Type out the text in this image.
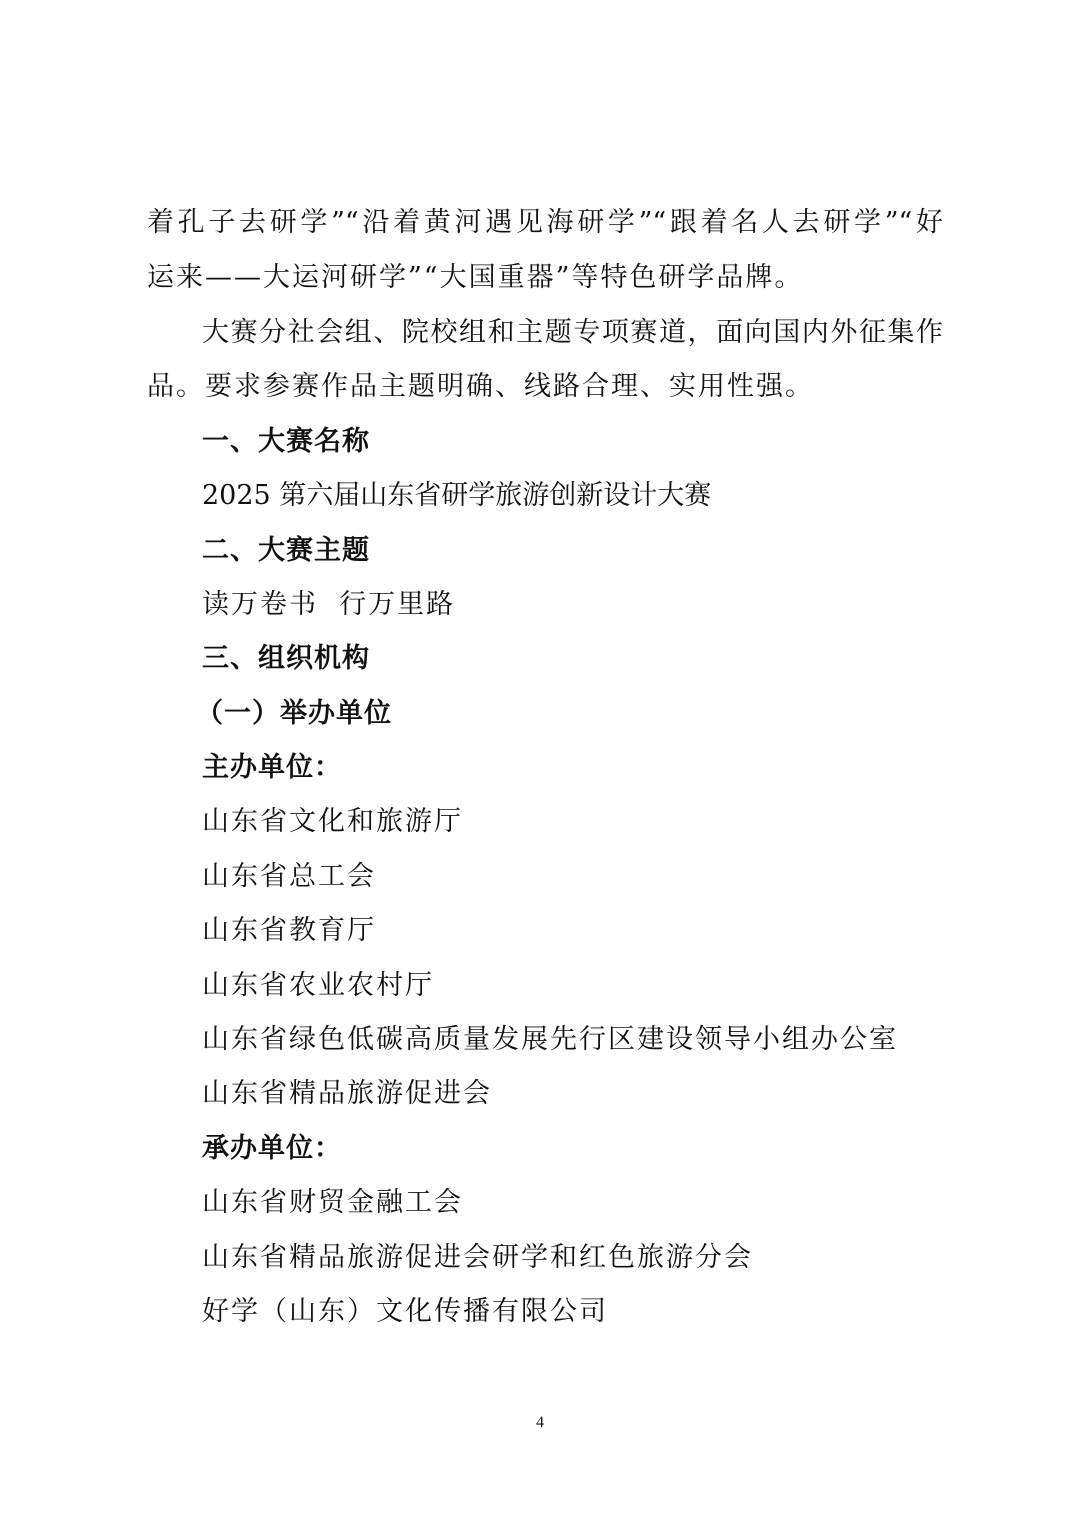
着孔子去研学”“沿着黄河遇见海研学”“跟着名人去研学”“好
运来——大运河研学”“大国重器”等特色研学品牌。
大赛分社会组、院校组和主题专项赛道，面向国内外征集作
品。要求参赛作品主题明确、线路合理、实用性强。
一、大赛名称
2025 第六届山东省研学旅游创新设计大赛
二、大赛主题
读万卷书  行万里路
三、组织机构
（一）举办单位
主办单位：
山东省文化和旅游厅
山东省总工会
山东省教育厅
山东省农业农村厅
山东省绿色低碳高质量发展先行区建设领导小组办公室
山东省精品旅游促进会
承办单位：
山东省财贸金融工会
山东省精品旅游促进会研学和红色旅游分会
好学（山东）文化传播有限公司
4
